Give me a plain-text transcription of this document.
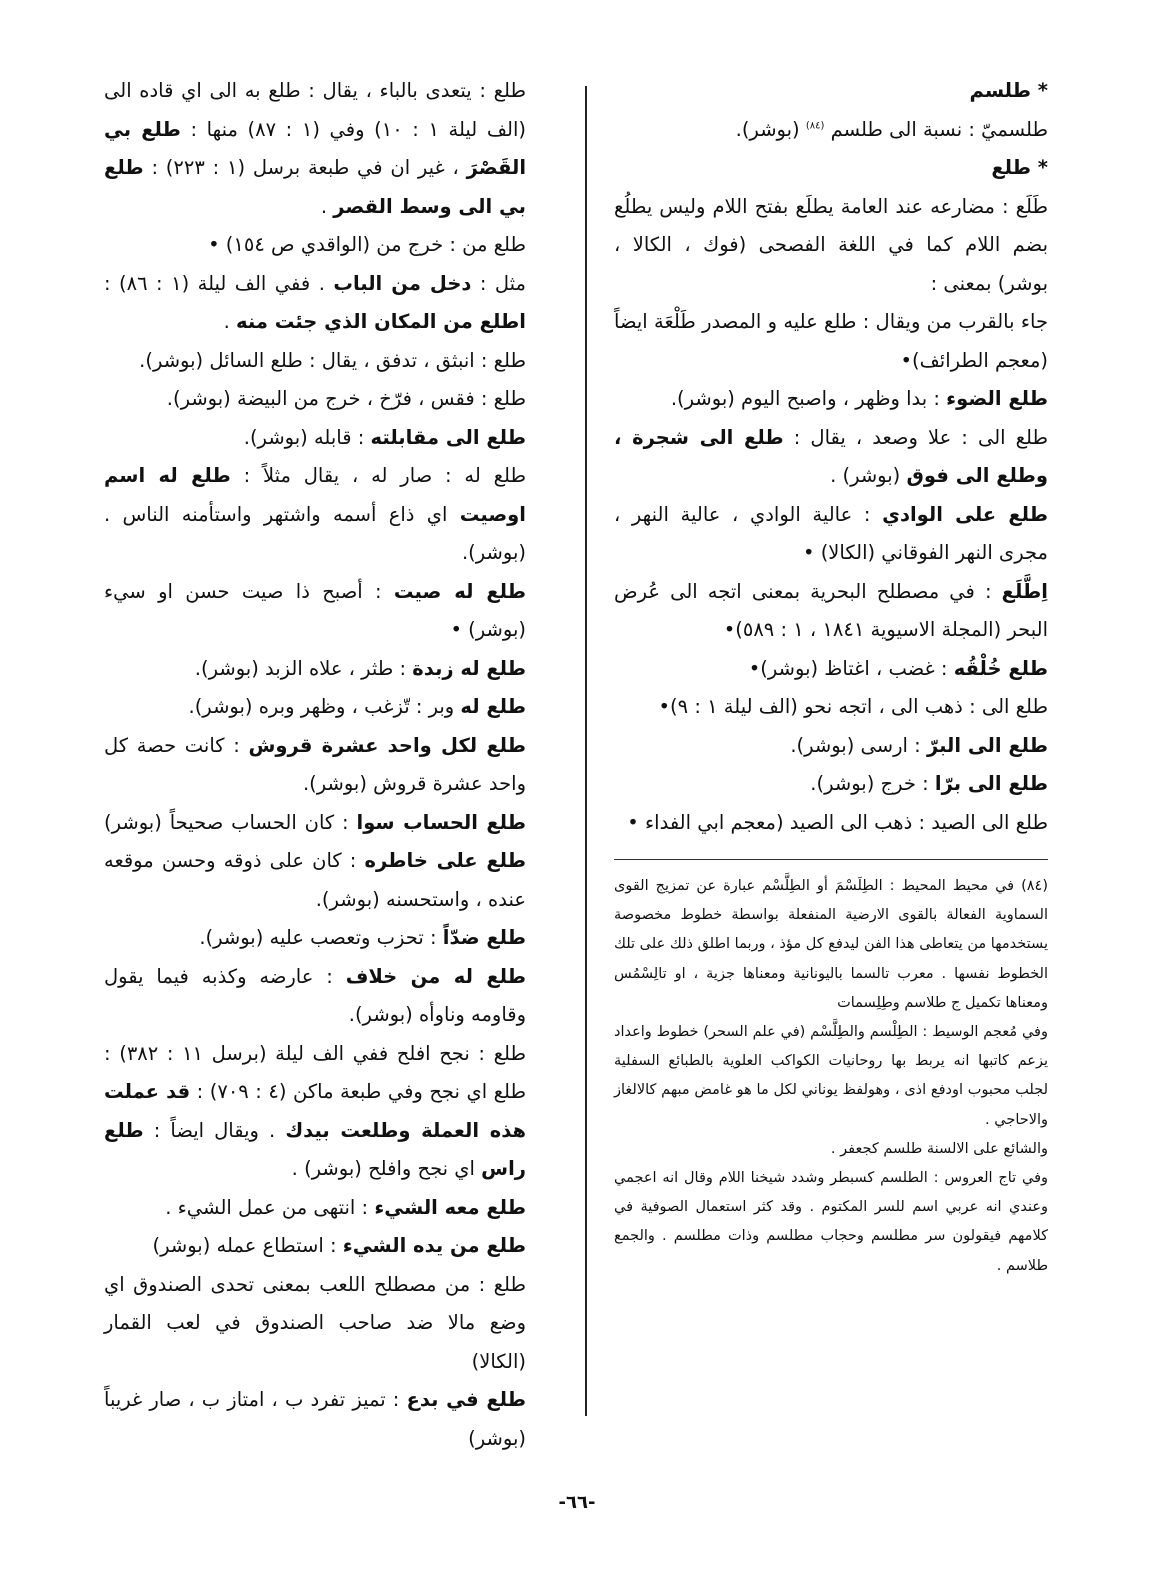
* طلسم

طلسميّ : نسبة الى طلسم $^{(٨٤)}$ (بوشر).

* طلع

طَلَع : مضارعه عند العامة يطلَع بفتح اللام وليس يطلُع بضم اللام كما في اللغة الفصحى (فوك ، الكالا ، بوشر) بمعنى :

جاء بالقرب من ويقال : طلع عليه و المصدر طَلْعَة ايضاً (معجم الطرائف)•

طلع الضوء : بدا وظهر ، واصبح اليوم (بوشر).

طلع الى : علا وصعد ، يقال : طلع الى شجرة ، وطلع الى فوق (بوشر) .

طلع على الوادي : عالية الوادي ، عالية النهر ، مجرى النهر الفوقاني (الكالا) •

اِطَّلَع : في مصطلح البحرية بمعنى اتجه الى عُرض البحر (المجلة الاسيوية ١٨٤١ ، ١ : ٥٨٩)•

طلع خُلْقُه : غضب ، اغتاظ (بوشر)•

طلع الى : ذهب الى ، اتجه نحو (الف ليلة ١ : ٩)•

طلع الى البرّ : ارسى (بوشر).

طلع الى برّا : خرج (بوشر).

طلع الى الصيد : ذهب الى الصيد (معجم ابي الفداء •

(٨٤) في محيط المحيط : الطِلَسْمَ أو الطِلَّسْم عبارة عن تمزيج القوى السماوية الفعالة بالقوى الارضية المنفعلة بواسطة خطوط مخصوصة يستخدمها من يتعاطى هذا الفن ليدفع كل مؤذ ، وربما اطلق ذلك على تلك الخطوط نفسها . معرب تالسما باليونانية ومعناها جزية ، او تالِسْمُس ومعناها تكميل ج طلاسم وطِلِسمات

وفي مُعجم الوسيط : الطِلْسم والطِلَّسْم (في علم السحر) خطوط واعداد يزعم كاتبها انه يربط بها روحانيات الكواكب العلوية بالطبائع السفلية لجلب محبوب اودفع اذى ، وهولفظ يوناني لكل ما هو غامض مبهم كالالغاز والاحاجي .

والشائع على الالسنة طلسم كجعفر .

وفي تاج العروس : الطلسم كسبطر وشدد شيخنا اللام وقال انه اعجمي وعندي انه عربي اسم للسر المكتوم . وقد كثر استعمال الصوفية في كلامهم فيقولون سر مطلسم وحجاب مطلسم وذات مطلسم . والجمع طلاسم .

طلع : يتعدى بالباء ، يقال : طلع به الى اي قاده الى (الف ليلة ١ : ١٠) وفي (١ : ٨٧) منها : طلع بي القَصْرَ ، غير ان في طبعة برسل (١ : ٢٢٣) : طلع بي الى وسط القصر .

طلع من : خرج من (الواقدي ص ١٥٤) •

مثل : دخل من الباب . ففي الف ليلة (١ : ٨٦) : اطلع من المكان الذي جئت منه .

طلع : انبثق ، تدفق ، يقال : طلع السائل (بوشر).

طلع : فقس ، فرّخ ، خرج من البيضة (بوشر).

طلع الى مقابلته : قابله (بوشر).

طلع له : صار له ، يقال مثلاً : طلع له اسم اوصيت اي ذاع أسمه واشتهر واستأمنه الناس . (بوشر).

طلع له صيت : أصبح ذا صيت حسن او سيء (بوشر) •

طلع له زبدة : طثر ، علاه الزبد (بوشر).

طلع له وبر : تّزغب ، وظهر وبره (بوشر).

طلع لكل واحد عشرة قروش : كانت حصة كل واحد عشرة قروش (بوشر).

طلع الحساب سوا : كان الحساب صحيحاً (بوشر) طلع على خاطره : كان على ذوقه وحسن موقعه عنده ، واستحسنه (بوشر).

طلع ضدّاً : تحزب وتعصب عليه (بوشر).

طلع له من خلاف : عارضه وكذبه فيما يقول وقاومه وناوأه (بوشر).

طلع : نجح افلح ففي الف ليلة (برسل ١١ : ٣٨٢) : طلع اي نجح وفي طبعة ماكن (٤ : ٧٠٩) : قد عملت هذه العملة وطلعت بيدك . ويقال ايضاً : طلع راس اي نجح وافلح (بوشر) .

طلع معه الشيء : انتهى من عمل الشيء .

طلع من يده الشيء : استطاع عمله (بوشر)

طلع : من مصطلح اللعب بمعنى تحدى الصندوق اي وضع مالا ضد صاحب الصندوق في لعب القمار (الكالا)

طلع في بدع : تميز تفرد ب ، امتاز ب ، صار غريباً (بوشر)

-٦٦-
